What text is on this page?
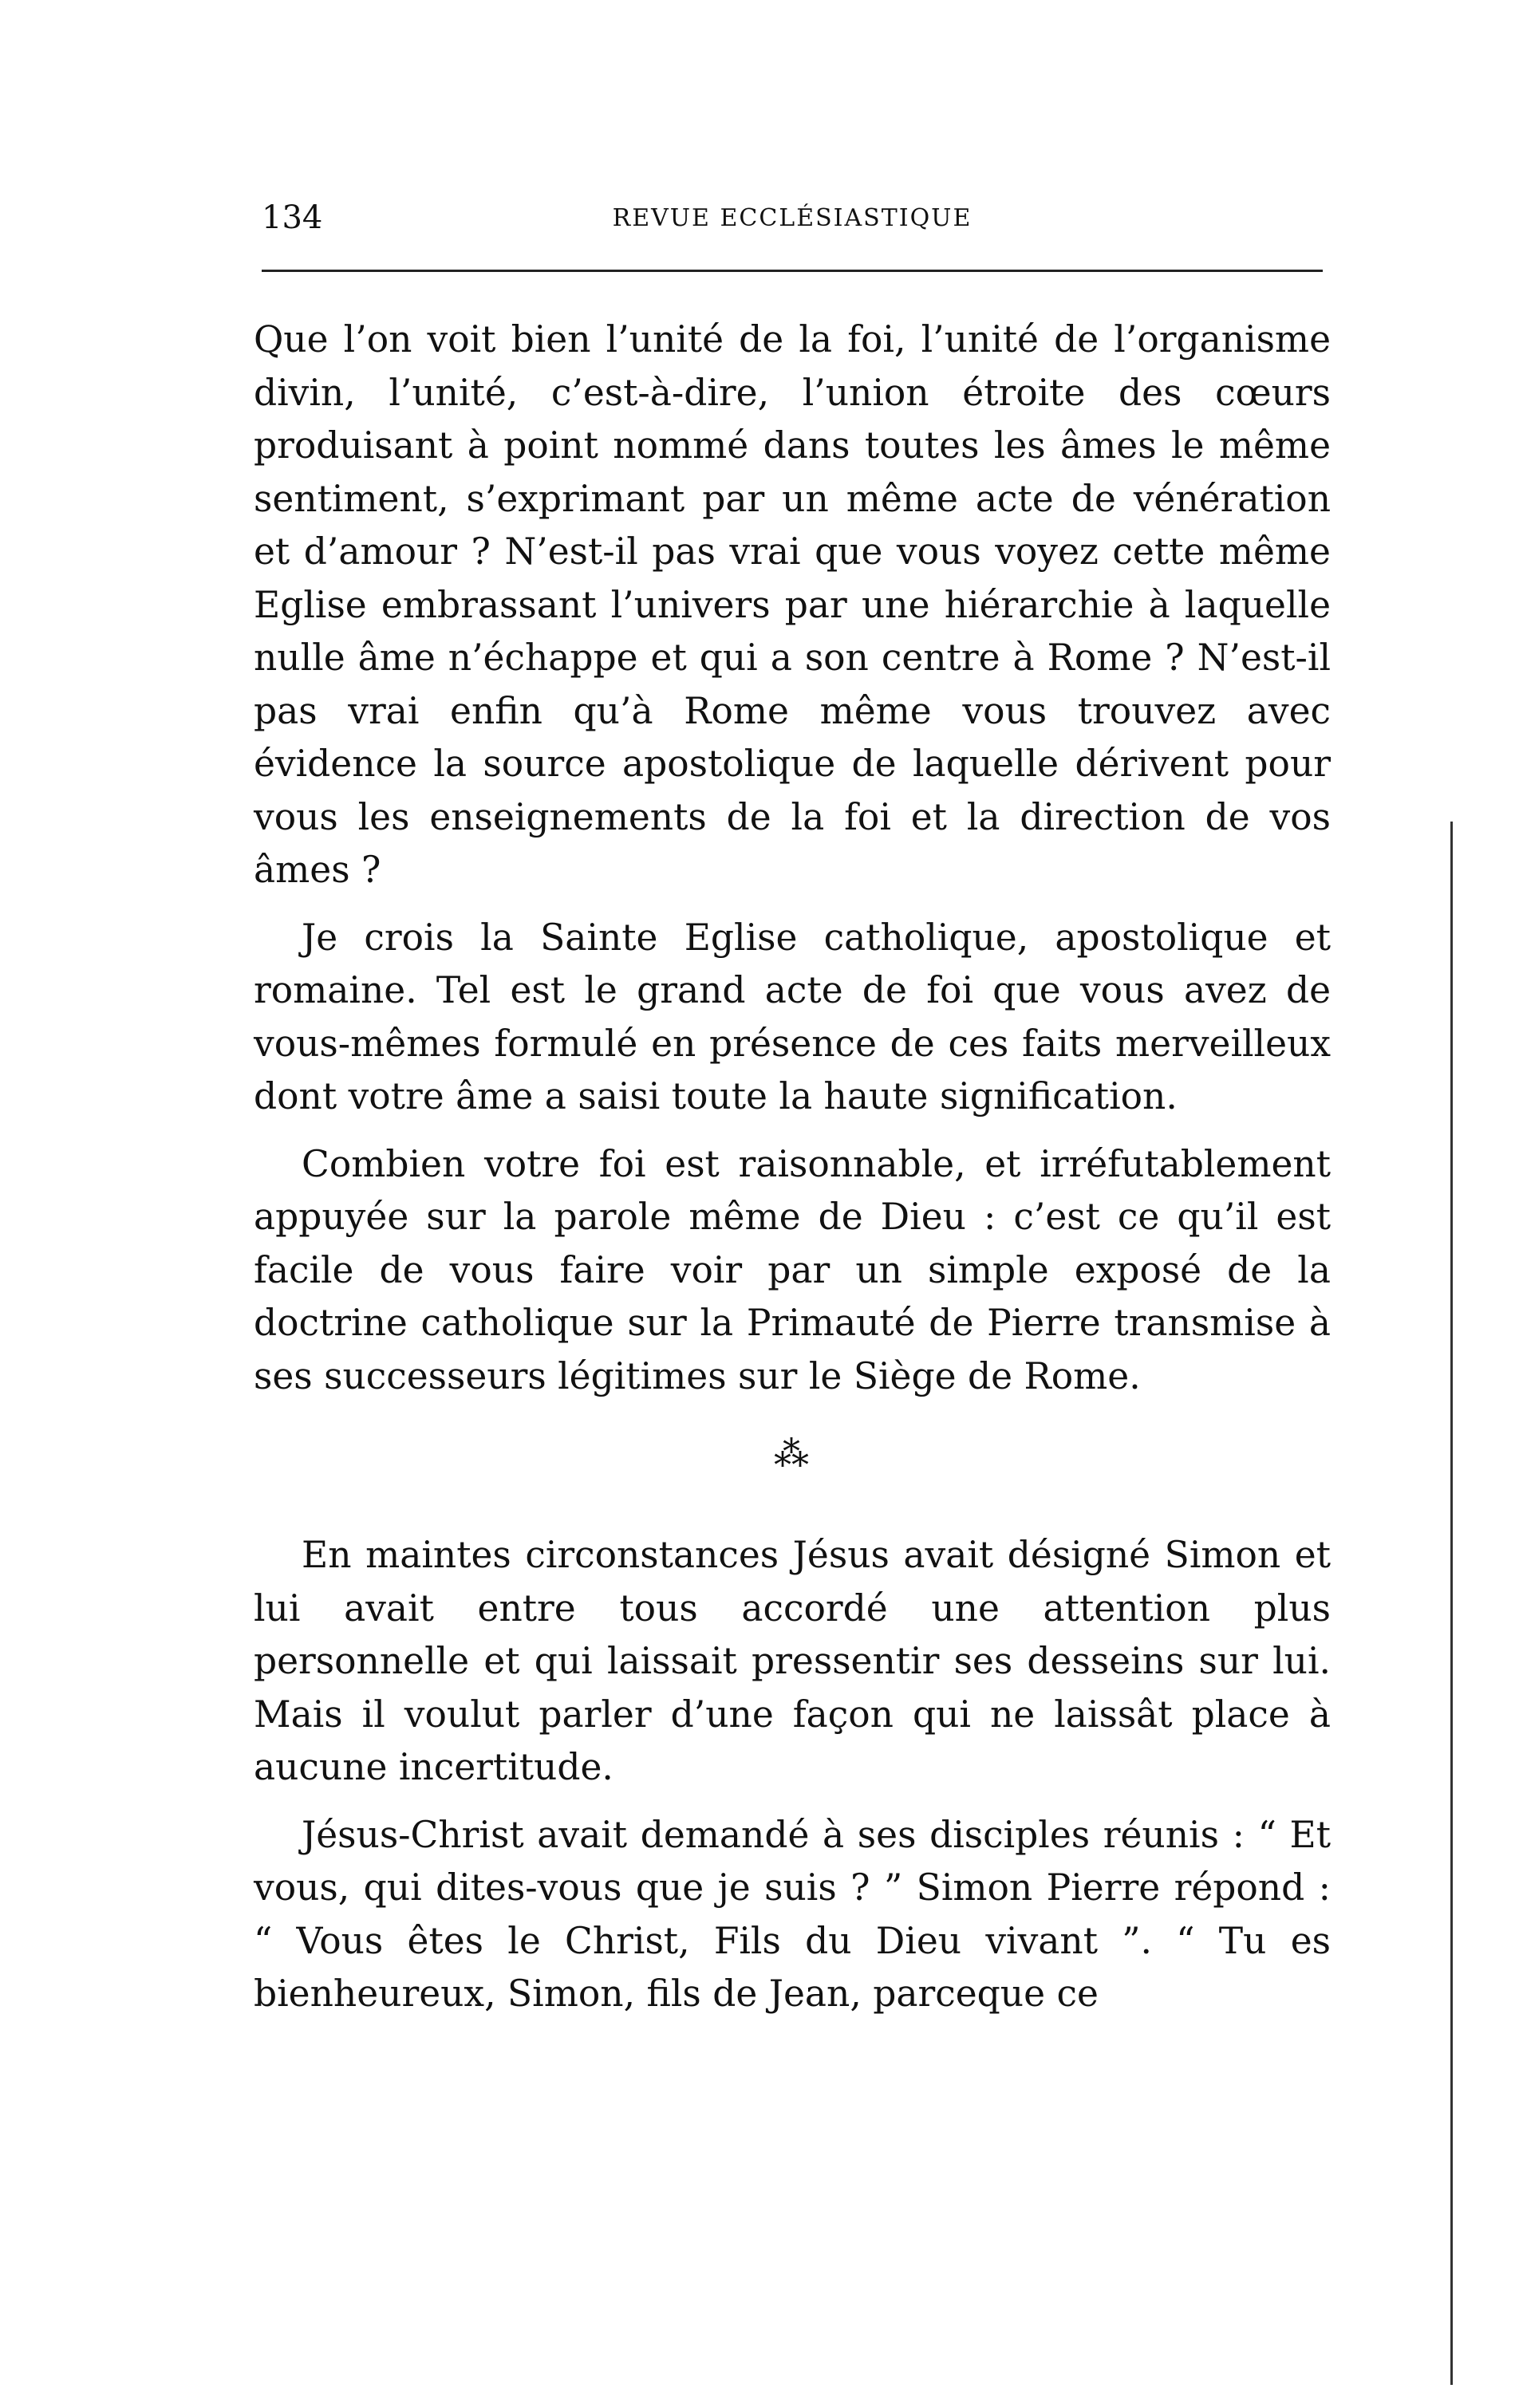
134	REVUE ECCLÉSIASTIQUE

Que l’on voit bien l’unité de la foi, l’unité de l’organisme divin, l’unité, c’est-à-dire, l’union étroite des cœurs produisant à point nommé dans toutes les âmes le même sentiment, s’exprimant par un même acte de vénération et d’amour ? N’est-il pas vrai que vous voyez cette même Eglise embrassant l’univers par une hiérarchie à laquelle nulle âme n’échappe et qui a son centre à Rome ? N’est-il pas vrai enfin qu’à Rome même vous trouvez avec évidence la source apostolique de laquelle dérivent pour vous les enseignements de la foi et la direction de vos âmes ?

Je crois la Sainte Eglise catholique, apostolique et romaine. Tel est le grand acte de foi que vous avez de vous-mêmes formulé en présence de ces faits merveilleux dont votre âme a saisi toute la haute signification.

Combien votre foi est raisonnable, et irréfutablement appuyée sur la parole même de Dieu : c’est ce qu’il est facile de vous faire voir par un simple exposé de la doctrine catholique sur la Primauté de Pierre transmise à ses successeurs légitimes sur le Siège de Rome.

⁂

En maintes circonstances Jésus avait désigné Simon et lui avait entre tous accordé une attention plus personnelle et qui laissait pressentir ses desseins sur lui. Mais il voulut parler d’une façon qui ne laissât place à aucune incertitude.

Jésus-Christ avait demandé à ses disciples réunis : “ Et vous, qui dites-vous que je suis ? ” Simon Pierre répond : “ Vous êtes le Christ, Fils du Dieu vivant ”. “ Tu es bienheureux, Simon, fils de Jean, parceque ce
